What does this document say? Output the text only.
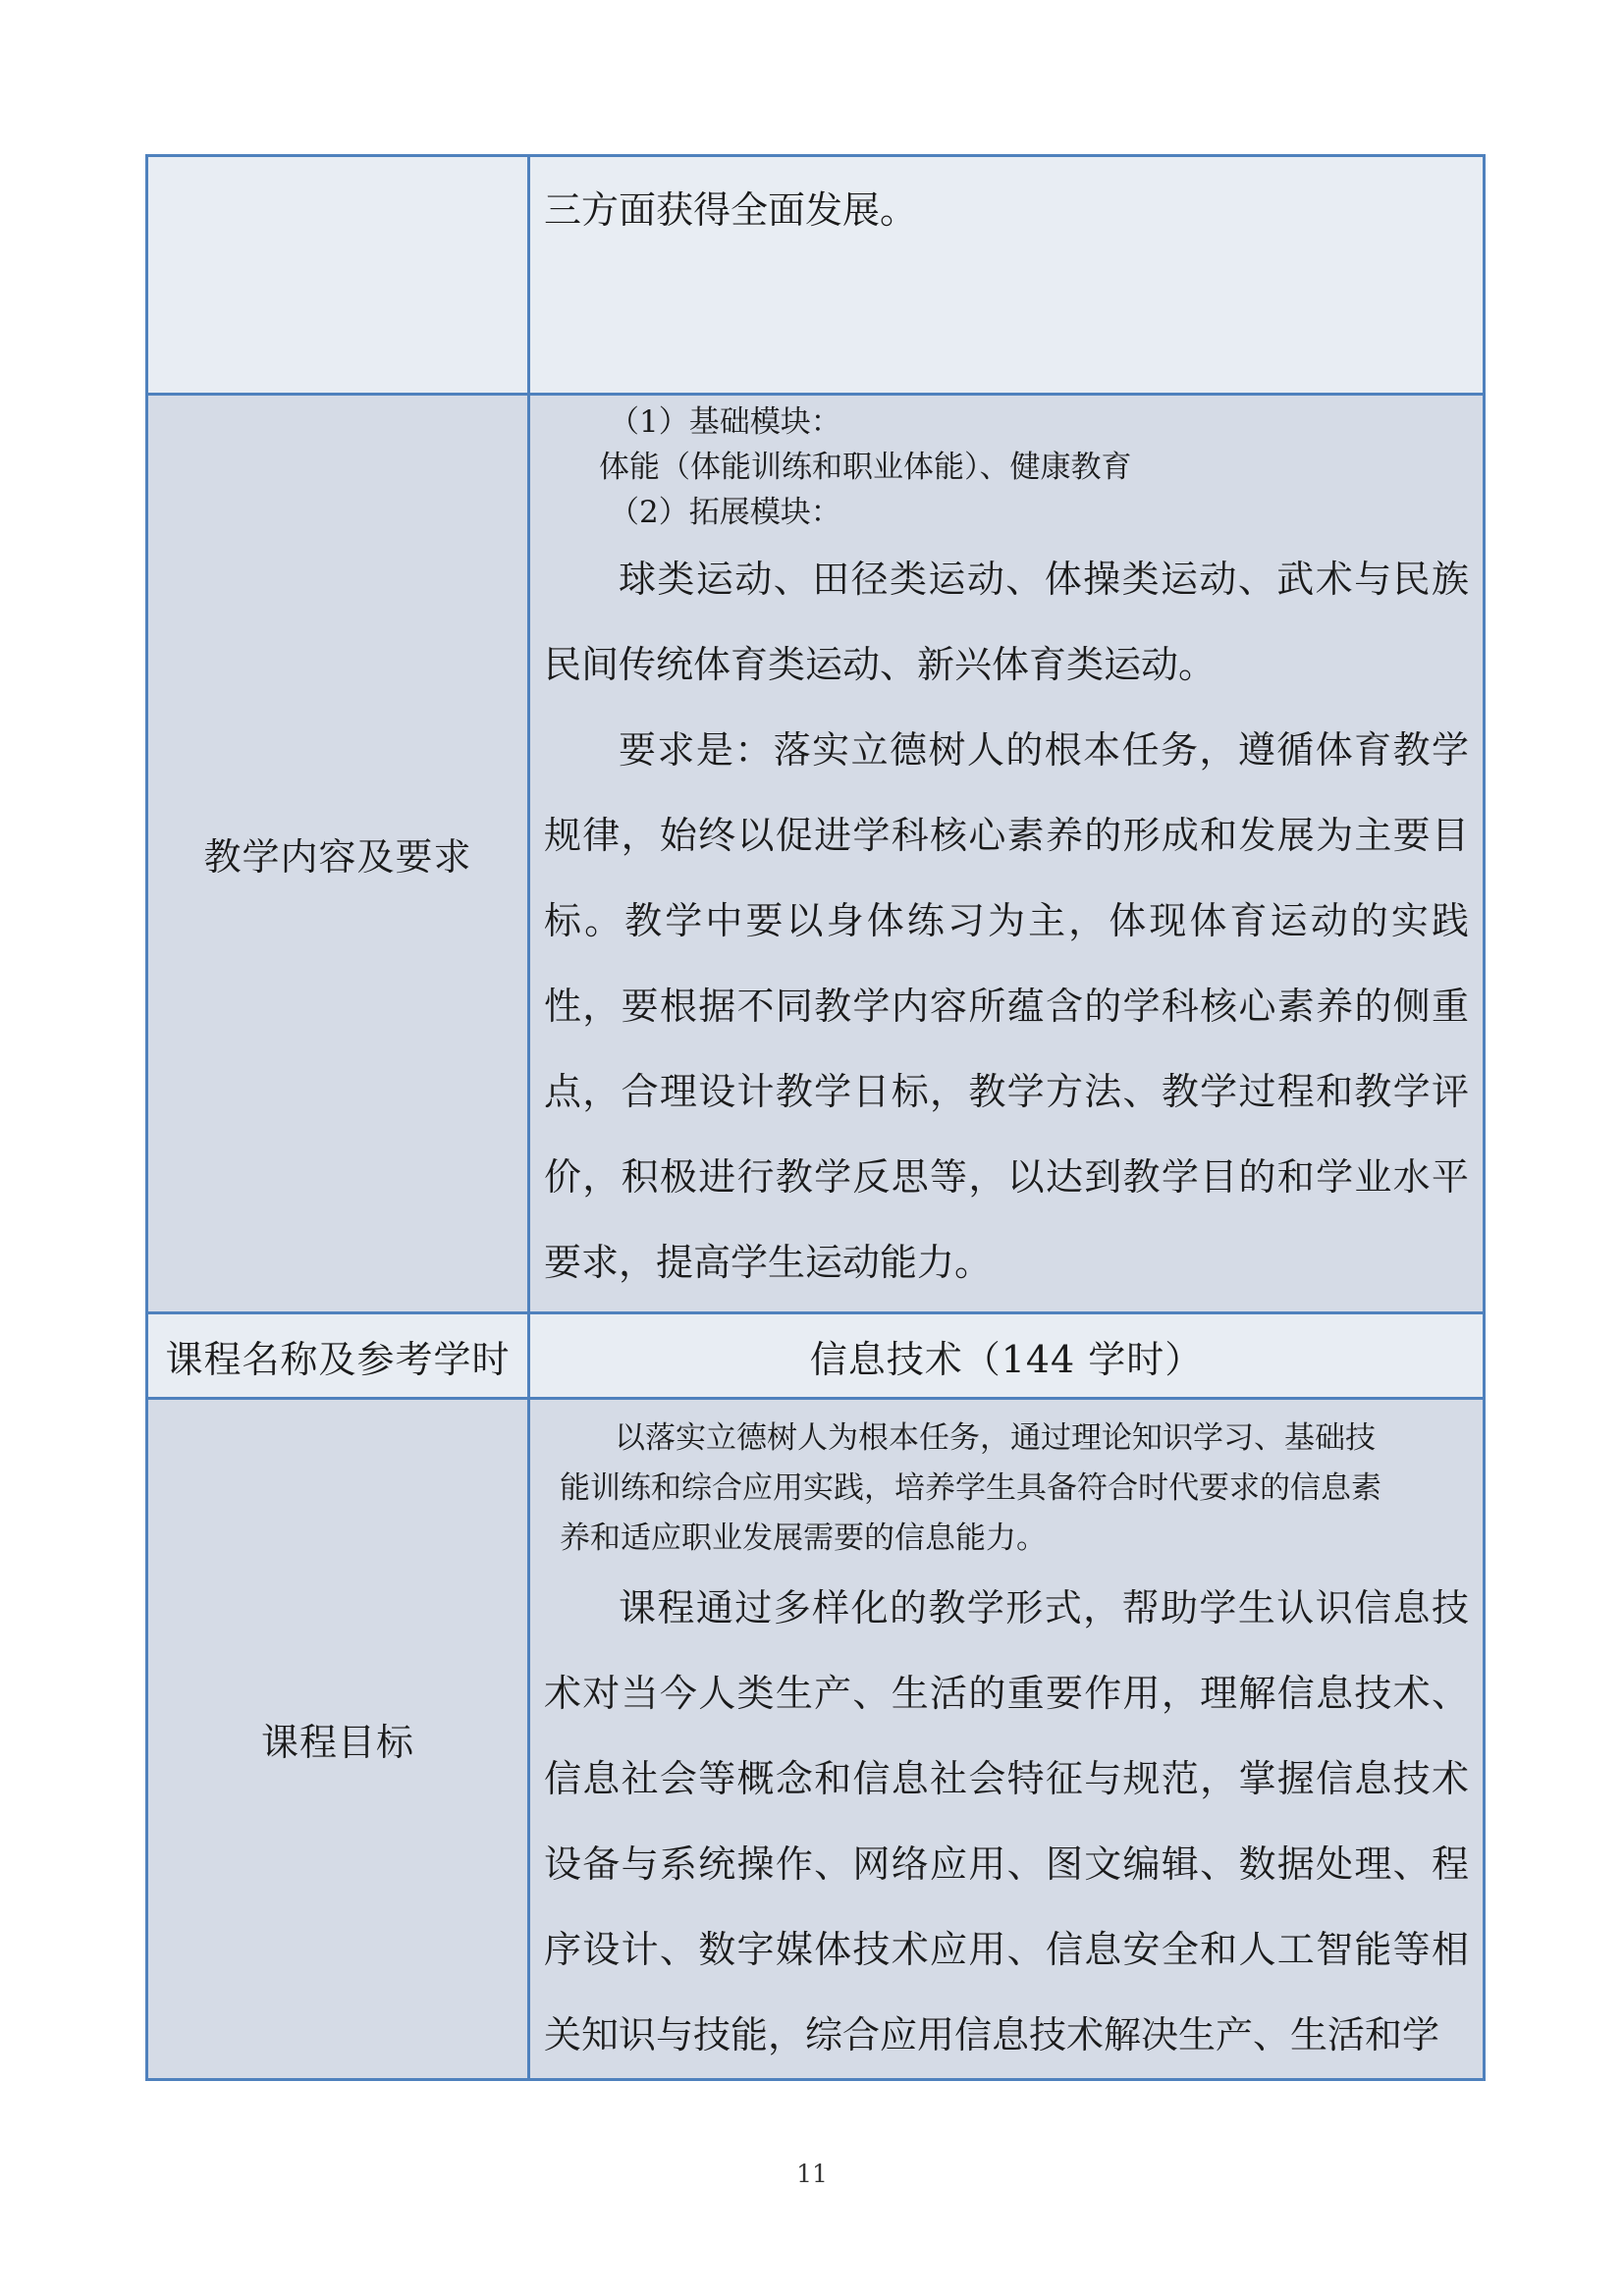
	三方面获得全面发展。

教学内容及要求	（1）基础模块：

体能（体能训练和职业体能）、健康教育

（2）拓展模块：

球类运动、田径类运动、体操类运动、武术与民族民间传统体育类运动、新兴体育类运动。

要求是：落实立德树人的根本任务，遵循体育教学规律，始终以促进学科核心素养的形成和发展为主要目标。教学中要以身体练习为主，体现体育运动的实践性，要根据不同教学内容所蕴含的学科核心素养的侧重点，合理设计教学日标，教学方法、教学过程和教学评价，积极进行教学反思等，以达到教学目的和学业水平要求，提高学生运动能力。

课程名称及参考学时	信息技术（144 学时）

课程目标	以落实立德树人为根本任务，通过理论知识学习、基础技

能训练和综合应用实践，培养学生具备符合时代要求的信息素

养和适应职业发展需要的信息能力。

课程通过多样化的教学形式，帮助学生认识信息技术对当今人类生产、生活的重要作用，理解信息技术、信息社会等概念和信息社会特征与规范，掌握信息技术设备与系统操作、网络应用、图文编辑、数据处理、程序设计、数字媒体技术应用、信息安全和人工智能等相关知识与技能，综合应用信息技术解决生产、生活和学

11
